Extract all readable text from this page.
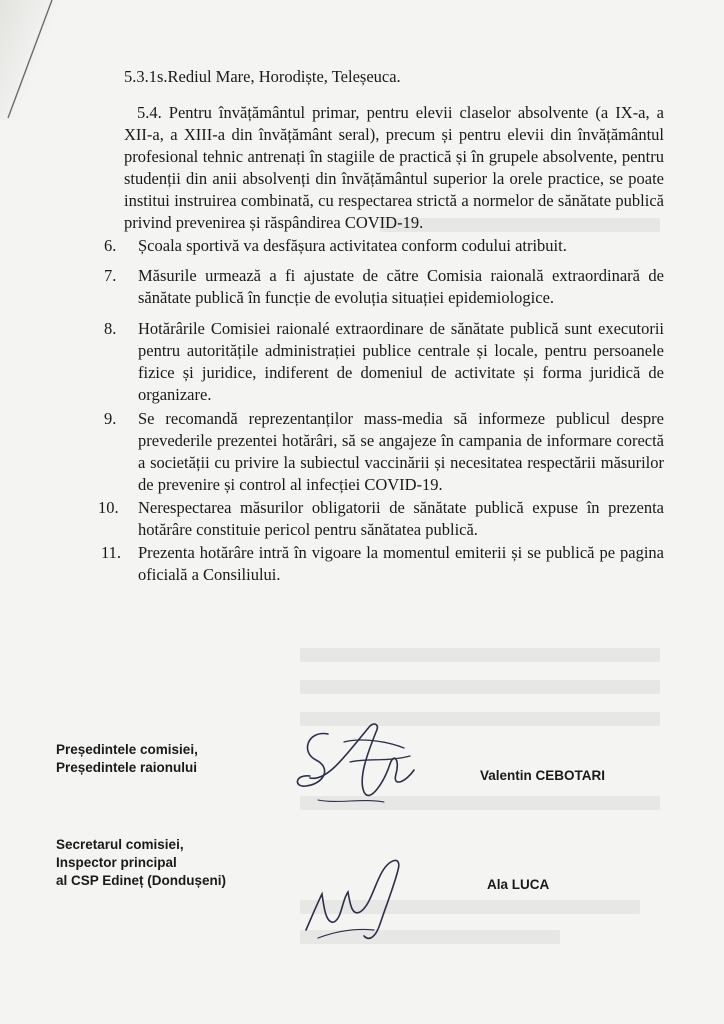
5.3.1s.Rediul Mare, Horodiște, Teleșeuca.
5.4. Pentru învățământul primar, pentru elevii claselor absolvente (a IX-a, a XII-a, a XIII-a din învățământ seral), precum și pentru elevii din învățământul profesional tehnic antrenați în stagiile de practică și în grupele absolvente, pentru studenții din anii absolvenți din învățământul superior la orele practice, se poate institui instruirea combinată, cu respectarea strictă a normelor de sănătate publică privind prevenirea și răspândirea COVID-19.
6. Școala sportivă va desfășura activitatea conform codului atribuit.
7. Măsurile urmează a fi ajustate de către Comisia raională extraordinară de sănătate publică în funcție de evoluția situației epidemiologice.
8. Hotărârile Comisiei raionalé extraordinare de sănătate publică sunt executorii pentru autoritățile administrației publice centrale și locale, pentru persoanele fizice și juridice, indiferent de domeniul de activitate și forma juridică de organizare.
9. Se recomandă reprezentanților mass-media să informeze publicul despre prevederile prezentei hotărâri, să se angajeze în campania de informare corectă a societății cu privire la subiectul vaccinării și necesitatea respectării măsurilor de prevenire și control al infecției COVID-19.
10. Nerespectarea măsurilor obligatorii de sănătate publică expuse în prezenta hotărâre constituie pericol pentru sănătatea publică.
11. Prezenta hotărâre intră în vigoare la momentul emiterii și se publică pe pagina oficială a Consiliului.
Președintele comisiei,
Președintele raionului
Valentin CEBOTARI
Secretarul comisiei,
Inspector principal
al CSP Edineț (Dondușeni)	Ala LUCA
